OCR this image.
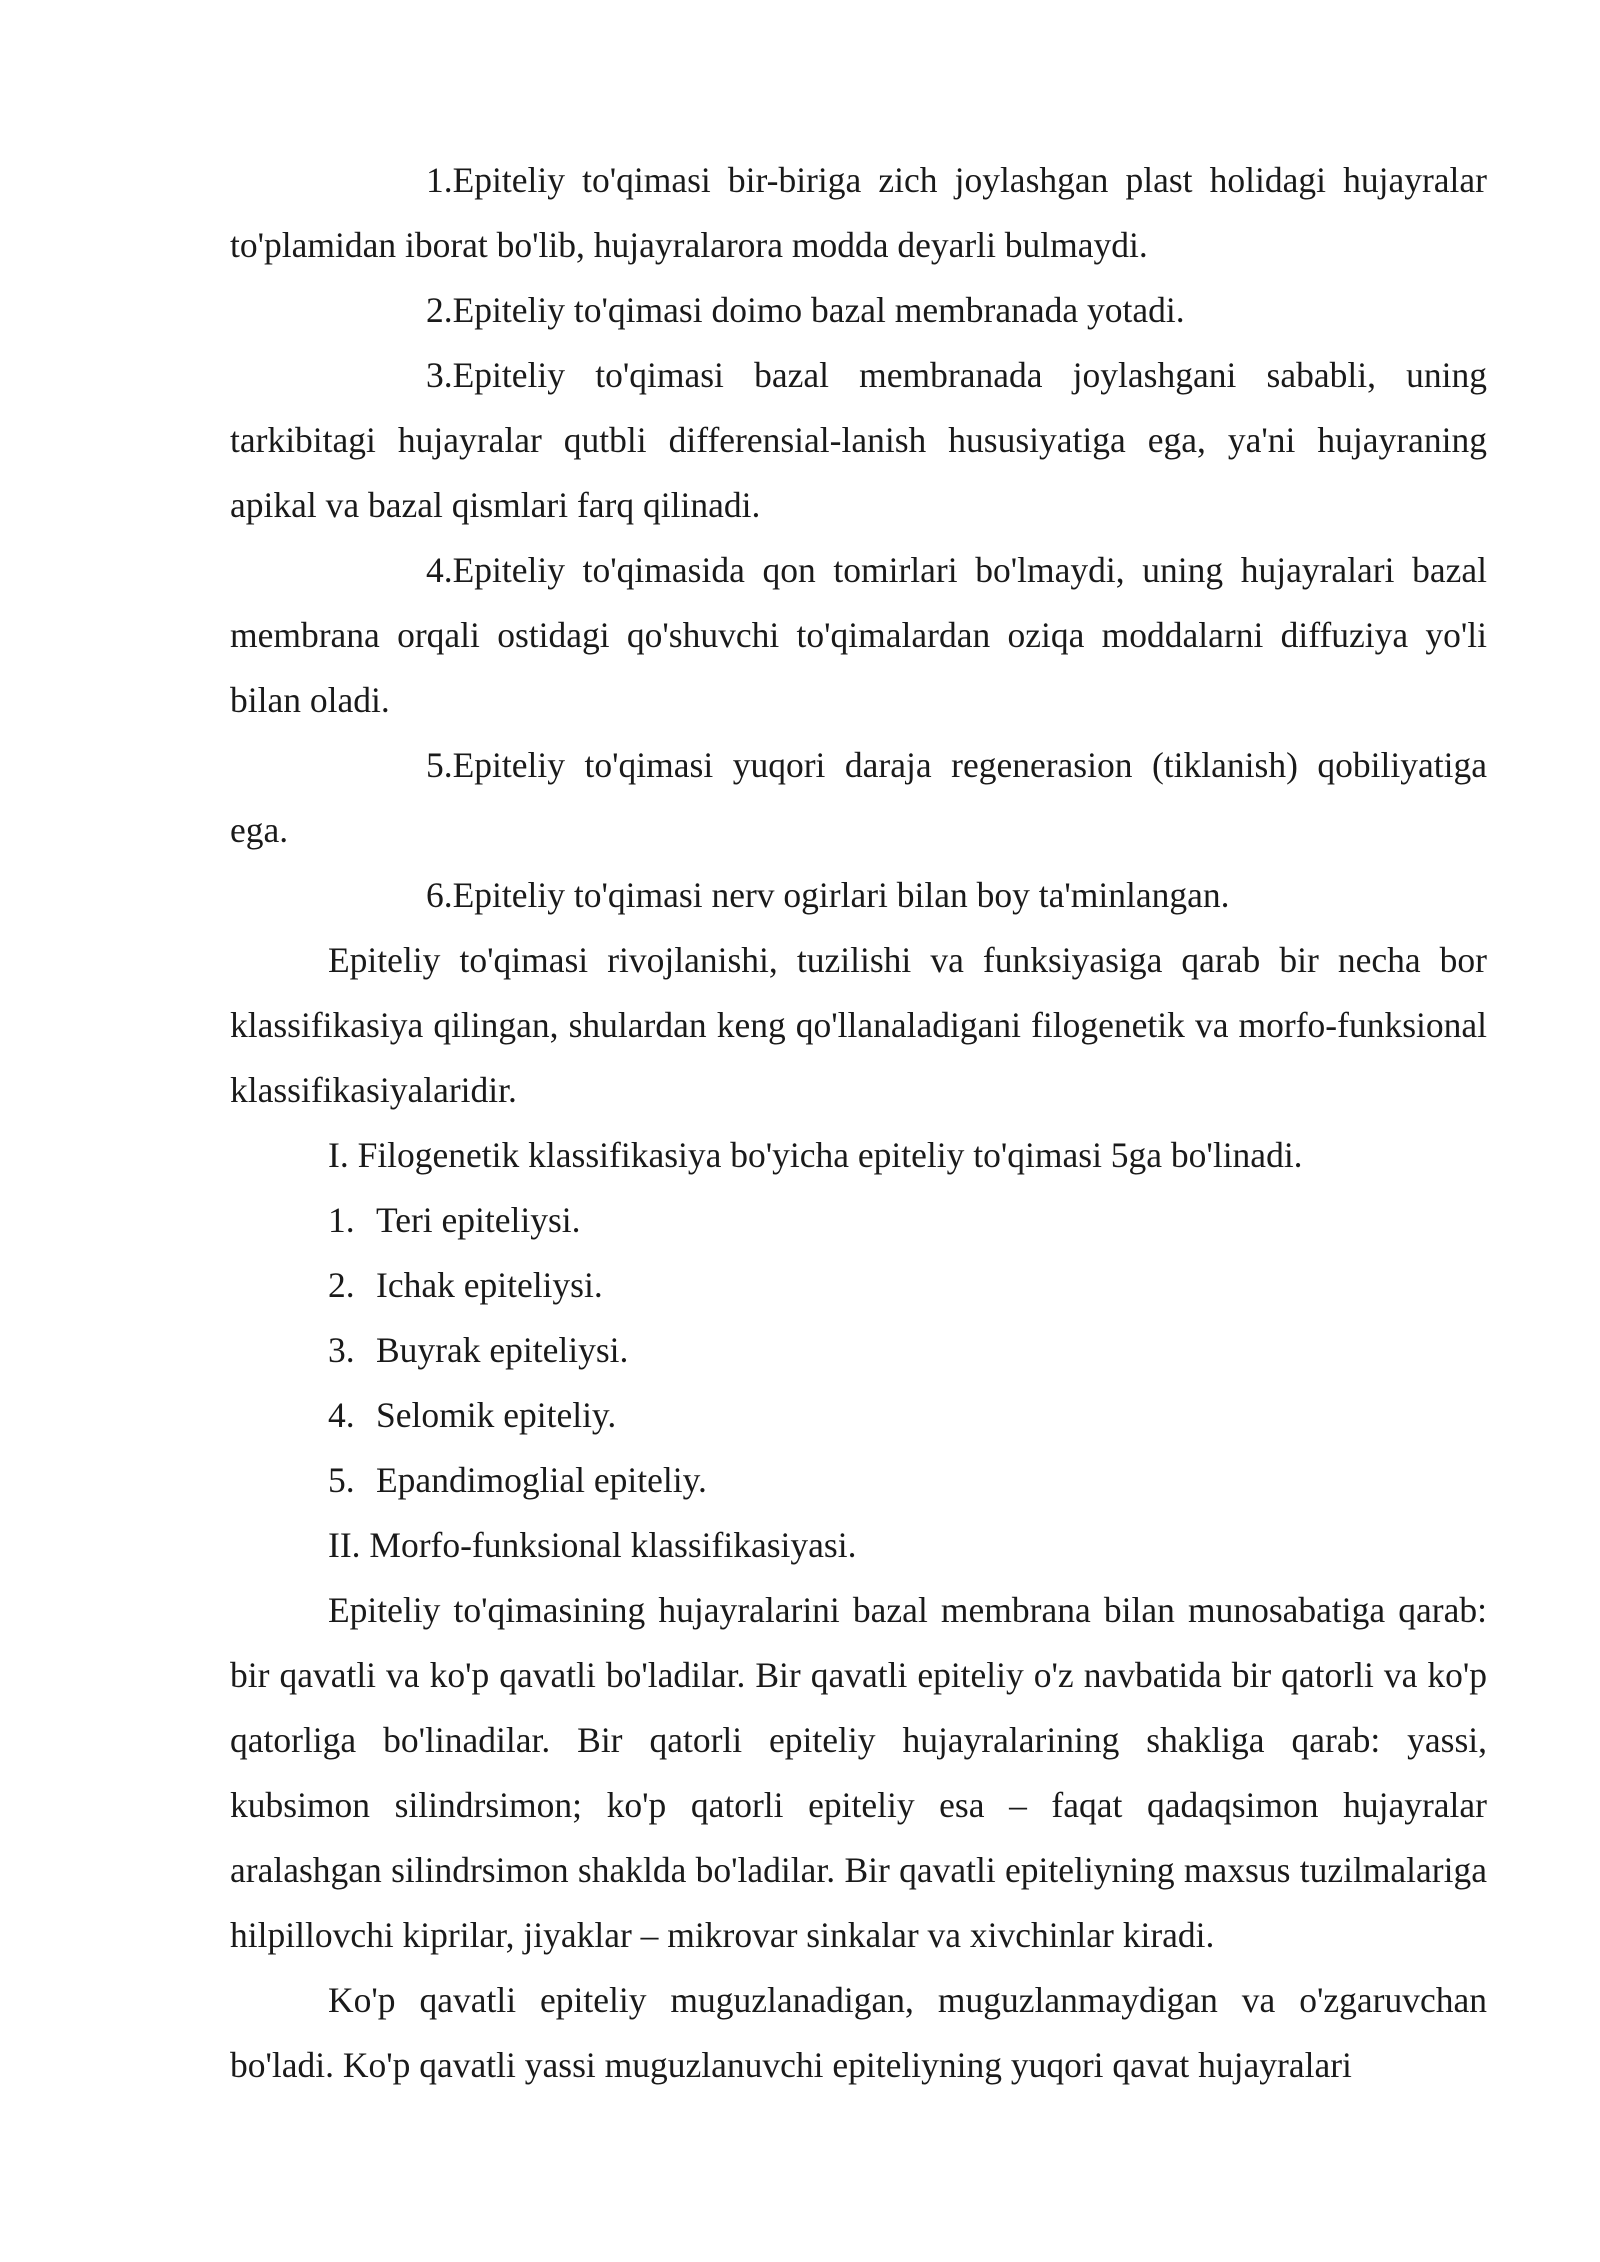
1.Epiteliy to'qimasi bir-biriga zich joylashgan plast holidagi hujayralar to'plamidan iborat bo'lib, hujayralarora modda deyarli bulmaydi.

2.Epiteliy to'qimasi doimo bazal membranada yotadi.

3.Epiteliy to'qimasi bazal membranada joylashgani sababli, uning tarkibitagi hujayralar qutbli differensial-lanish hususiyatiga ega, ya'ni hujayraning apikal va bazal qismlari farq qilinadi.

4.Epiteliy to'qimasida qon tomirlari bo'lmaydi, uning hujayralari bazal membrana orqali ostidagi qo'shuvchi to'qimalardan oziqa moddalarni diffuziya yo'li bilan oladi.

5.Epiteliy to'qimasi yuqori daraja regenerasion (tiklanish) qobiliyatiga ega.

6.Epiteliy to'qimasi nerv ogirlari bilan boy ta'minlangan.

Epiteliy to'qimasi rivojlanishi, tuzilishi va funksiyasiga qarab bir necha bor klassifikasiya qilingan, shulardan keng qo'llanaladigani filogenetik va morfo-funksional klassifikasiyalaridir.

I. Filogenetik klassifikasiya bo'yicha epiteliy to'qimasi 5ga bo'linadi.

1. Teri epiteliysi.

2. Ichak epiteliysi.

3. Buyrak epiteliysi.

4. Selomik epiteliy.

5. Epandimoglial epiteliy.

II. Morfo-funksional klassifikasiyasi.

Epiteliy to'qimasining hujayralarini bazal membrana bilan munosabatiga qarab: bir qavatli va ko'p qavatli bo'ladilar. Bir qavatli epiteliy o'z navbatida bir qatorli va ko'p qatorliga bo'linadilar. Bir qatorli epiteliy hujayralarining shakliga qarab: yassi, kubsimon silindrsimon; ko'p qatorli epiteliy esa – faqat qadaqsimon hujayralar aralashgan silindrsimon shaklda bo'ladilar. Bir qavatli epiteliyning maxsus tuzilmalariga hilpillovchi kiprilar, jiyaklar – mikrovar sinkalar va xivchinlar kiradi.

Ko'p qavatli epiteliy muguzlanadigan, muguzlanmaydigan va o'zgaruvchan bo'ladi. Ko'p qavatli yassi muguzlanuvchi epiteliyning yuqori qavat hujayralari
